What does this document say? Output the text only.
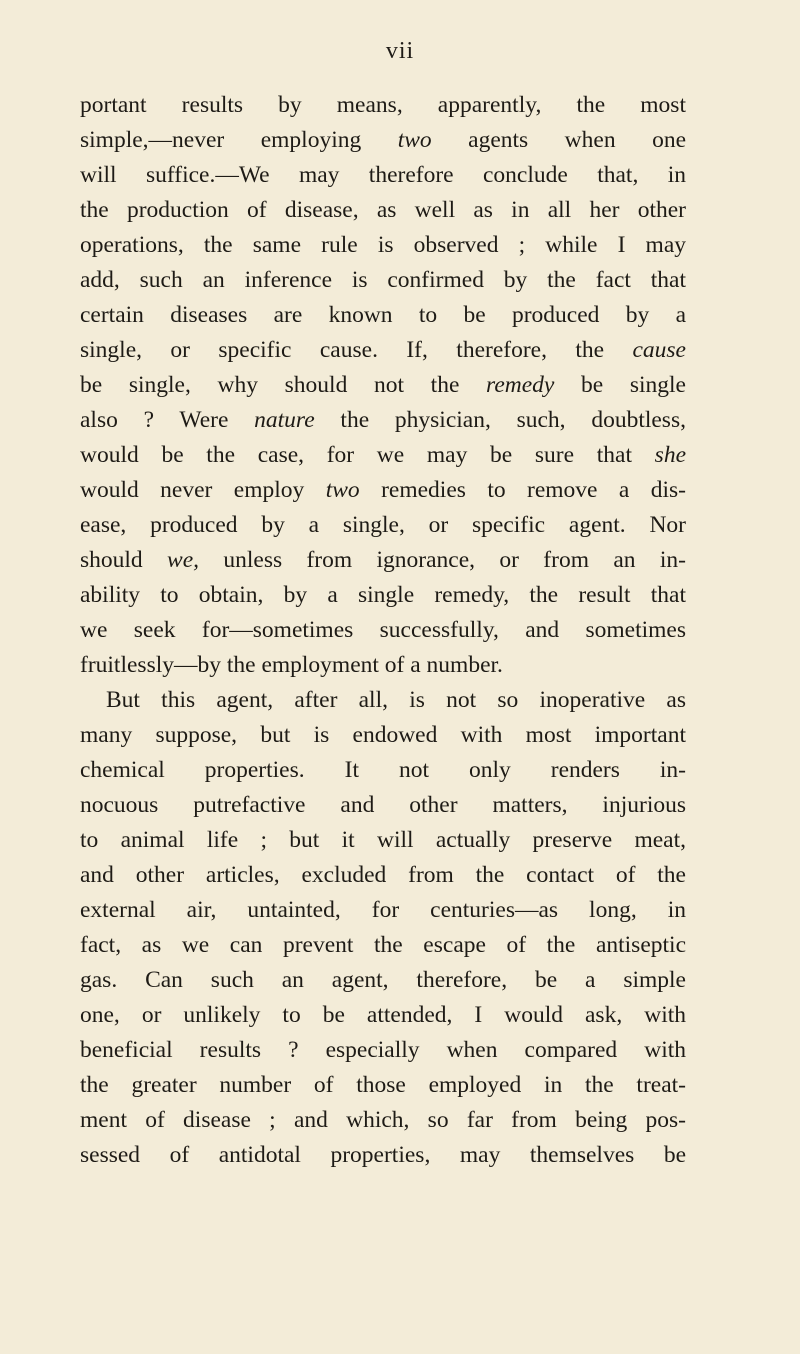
vii
portant results by means, apparently, the most
simple,—never employing two agents when one
will suffice.—We may therefore conclude that, in
the production of disease, as well as in all her other
operations, the same rule is observed ; while I may
add, such an inference is confirmed by the fact that
certain diseases are known to be produced by a
single, or specific cause. If, therefore, the cause
be single, why should not the remedy be single
also ? Were nature the physician, such, doubtless,
would be the case, for we may be sure that she
would never employ two remedies to remove a dis-
ease, produced by a single, or specific agent. Nor
should we, unless from ignorance, or from an in-
ability to obtain, by a single remedy, the result that
we seek for—sometimes successfully, and sometimes
fruitlessly—by the employment of a number.
But this agent, after all, is not so inoperative as
many suppose, but is endowed with most important
chemical properties. It not only renders in-
nocuous putrefactive and other matters, injurious
to animal life ; but it will actually preserve meat,
and other articles, excluded from the contact of the
external air, untainted, for centuries—as long, in
fact, as we can prevent the escape of the antiseptic
gas. Can such an agent, therefore, be a simple
one, or unlikely to be attended, I would ask, with
beneficial results ? especially when compared with
the greater number of those employed in the treat-
ment of disease ; and which, so far from being pos-
sessed of antidotal properties, may themselves be
